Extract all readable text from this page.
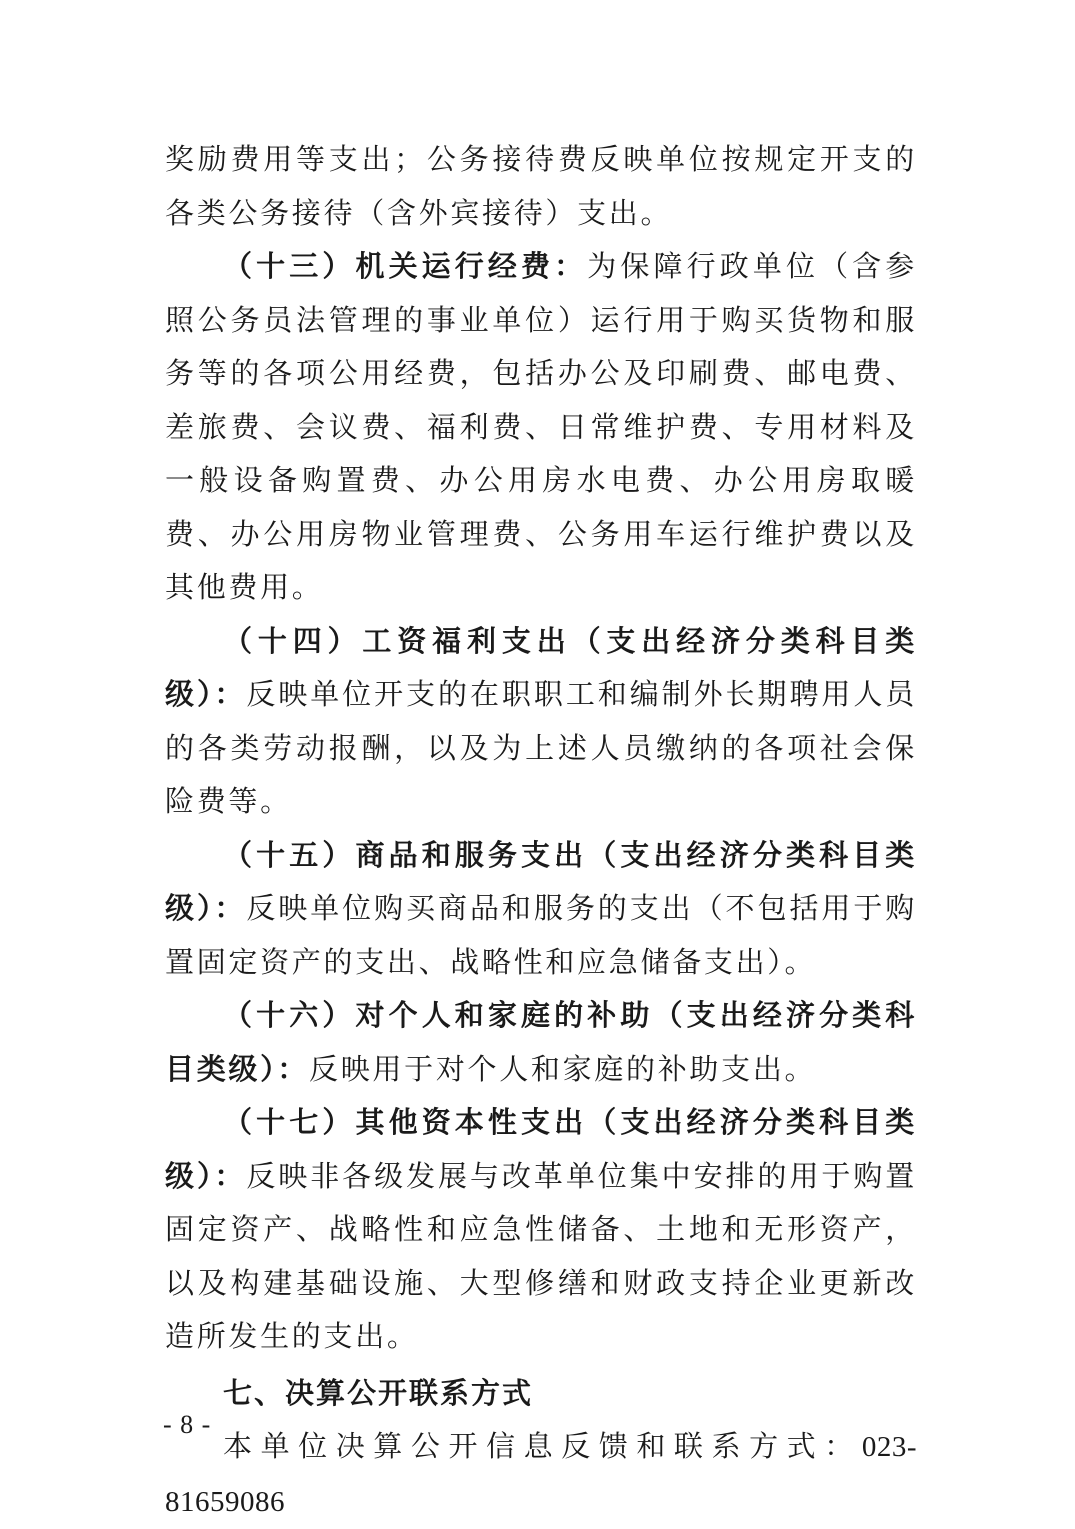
奖励费用等支出；公务接待费反映单位按规定开支的各类公务接待（含外宾接待）支出。

（十三）机关运行经费：为保障行政单位（含参照公务员法管理的事业单位）运行用于购买货物和服务等的各项公用经费，包括办公及印刷费、邮电费、差旅费、会议费、福利费、日常维护费、专用材料及一般设备购置费、办公用房水电费、办公用房取暖费、办公用房物业管理费、公务用车运行维护费以及其他费用。

（十四）工资福利支出（支出经济分类科目类级）：反映单位开支的在职职工和编制外长期聘用人员的各类劳动报酬，以及为上述人员缴纳的各项社会保险费等。

（十五）商品和服务支出（支出经济分类科目类级）：反映单位购买商品和服务的支出（不包括用于购置固定资产的支出、战略性和应急储备支出）。

（十六）对个人和家庭的补助（支出经济分类科目类级）：反映用于对个人和家庭的补助支出。

（十七）其他资本性支出（支出经济分类科目类级）：反映非各级发展与改革单位集中安排的用于购置固定资产、战略性和应急性储备、土地和无形资产，以及构建基础设施、大型修缮和财政支持企业更新改造所发生的支出。

七、决算公开联系方式

本单位决算公开信息反馈和联系方式：023-81659086

- 8 -
